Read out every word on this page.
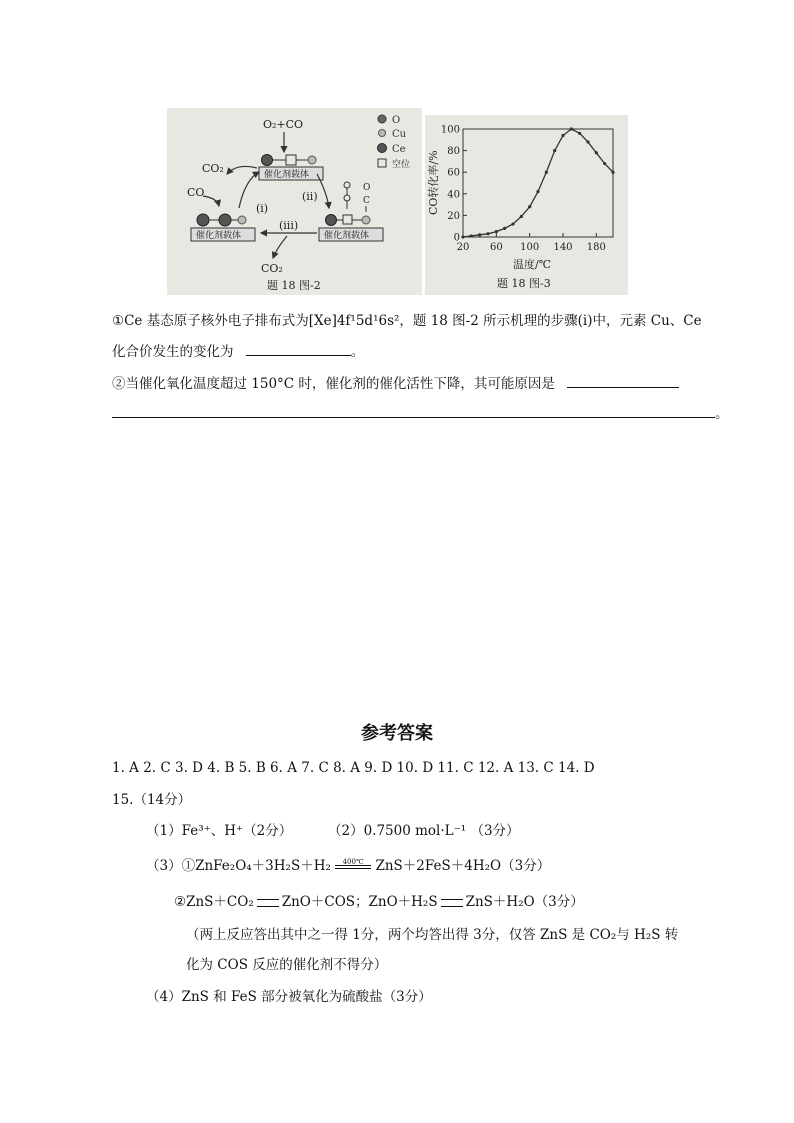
O₂+CO	O
Cu
Ce
空位
催化剂载体
CO₂
CO
(i)
(ii)
催化剂载体
O
C
催化剂载体
(iii)
CO₂
题 18 图-2
0
20
40
60
80
100
20 60 100 140 180
CO转化率/%
温度/℃
题 18 图-3
①Ce 基态原子核外电子排布式为[Xe]4f¹5d¹6s²，题 18 图-2 所示机理的步骤(i)中，元素 Cu、Ce
化合价发生的变化为	。
②当催化氧化温度超过 150°C 时，催化剂的催化活性下降，其可能原因是
。
参考答案
1. A 2. C 3. D 4. B 5. B 6. A 7. C 8. A 9. D 10. D 11. C 12. A 13. C 14. D
15.（14分）
（1）Fe³⁺、H⁺（2分）	（2）0.7500 mol·L⁻¹ （3分）
（3）①ZnFe₂O₄＋3H₂S＋H₂	400℃ ZnS＋2FeS＋4H₂O（3分）
②ZnS＋CO₂ ZnO＋COS；ZnO＋H₂S ZnS＋H₂O（3分）
（两上反应答出其中之一得 1分，两个均答出得 3分，仅答 ZnS 是 CO₂与 H₂S 转
化为 COS 反应的催化剂不得分）
（4）ZnS 和 FeS 部分被氧化为硫酸盐（3分）
